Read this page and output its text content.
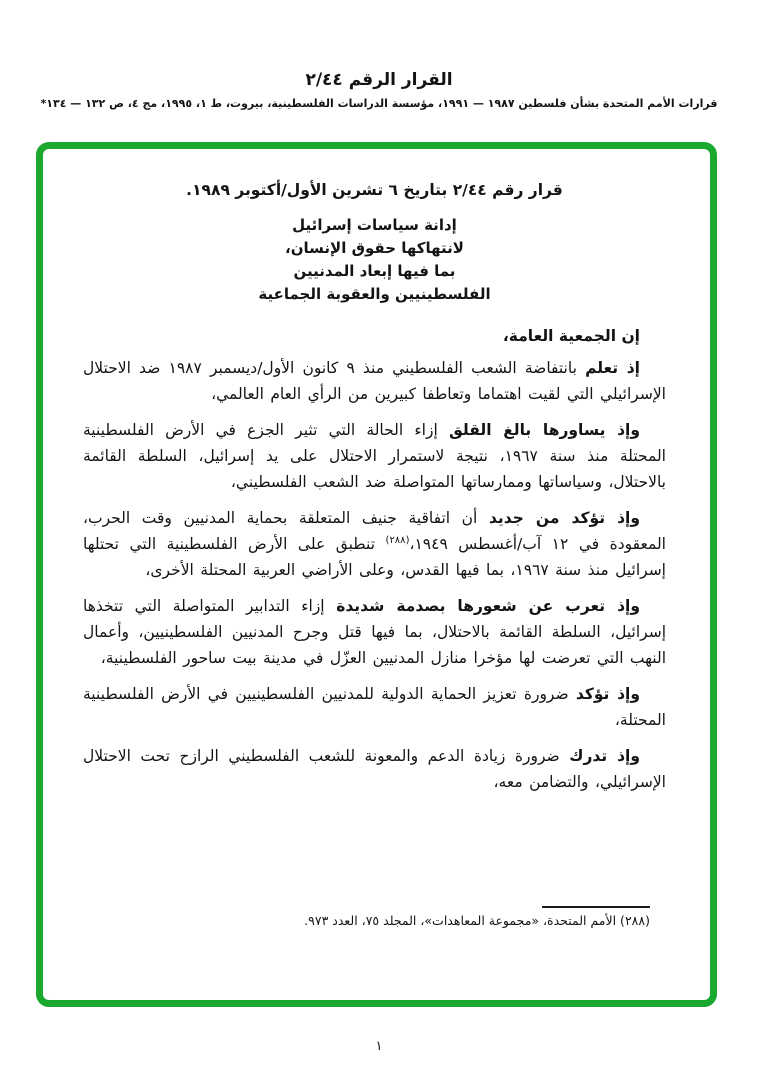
القرار الرقم ٤٤‏/‏٢
قرارات الأمم المتحدة بشأن فلسطين ١٩٨٧ — ١٩٩١، مؤسسة الدراسات الفلسطينية، بيروت، ط ١، ١٩٩٥، مج ٤، ص ١٣٢ — ١٣٤*
قرار رقم ٤٤‏/‏٢ بتاريخ ٦ تشرين الأول/أكتوبر ١٩٨٩.
إدانة سياسات إسرائيل
لانتهاكها حقوق الإنسان،
بما فيها إبعاد المدنيين
الفلسطينيين والعقوبة الجماعية

إن الجمعية العامة،

إذ تعلم بانتفاضة الشعب الفلسطيني منذ ٩ كانون الأول/ديسمبر ١٩٨٧ ضد الاحتلال الإسرائيلي التي لقيت اهتماما وتعاطفا كبيرين من الرأي العام العالمي،

وإذ يساورها بالغ القلق إزاء الحالة التي تثير الجزع في الأرض الفلسطينية المحتلة منذ سنة ١٩٦٧، نتيجة لاستمرار الاحتلال على يد إسرائيل، السلطة القائمة بالاحتلال، وسياساتها وممارساتها المتواصلة ضد الشعب الفلسطيني،

وإذ تؤكد من جديد أن اتفاقية جنيف المتعلقة بحماية المدنيين وقت الحرب، المعقودة في ١٢ آب/أغسطس ١٩٤٩،$^{(٢٨٨)}$ تنطبق على الأرض الفلسطينية التي تحتلها إسرائيل منذ سنة ١٩٦٧، بما فيها القدس، وعلى الأراضي العربية المحتلة الأخرى،

وإذ تعرب عن شعورها بصدمة شديدة إزاء التدابير المتواصلة التي تتخذها إسرائيل، السلطة القائمة بالاحتلال، بما فيها قتل وجرح المدنيين الفلسطينيين، وأعمال النهب التي تعرضت لها مؤخرا منازل المدنيين العزّل في مدينة بيت ساحور الفلسطينية،

وإذ تؤكد ضرورة تعزيز الحماية الدولية للمدنيين الفلسطينيين في الأرض الفلسطينية المحتلة،

وإذ تدرك ضرورة زيادة الدعم والمعونة للشعب الفلسطيني الرازح تحت الاحتلال الإسرائيلي، والتضامن معه،

(٢٨٨) الأمم المتحدة، «مجموعة المعاهدات»، المجلد ٧٥، العدد ٩٧٣.

١
